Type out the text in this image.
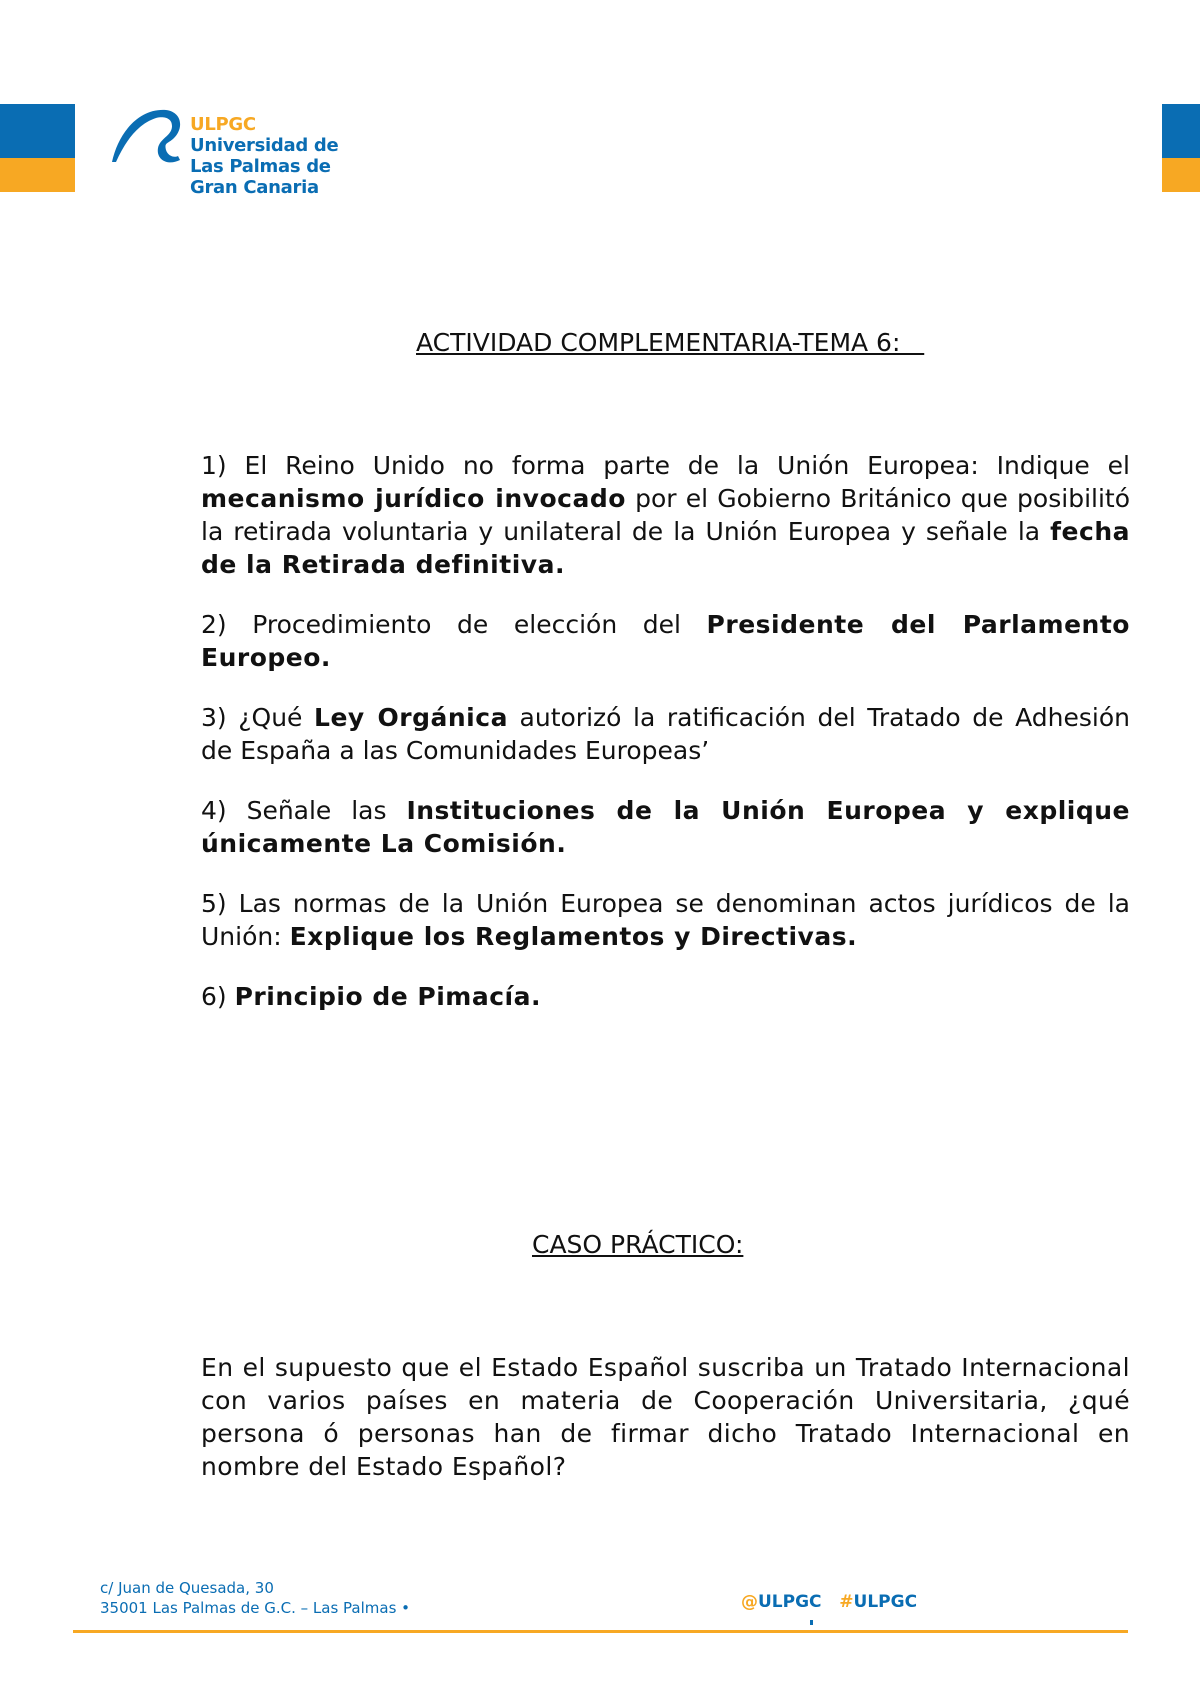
ULPGC
Universidad de
Las Palmas de
Gran Canaria
ACTIVIDAD COMPLEMENTARIA-TEMA 6:

1) El Reino Unido no forma parte de la Unión Europea: Indique el mecanismo jurídico invocado por el Gobierno Británico que posibilitó la retirada voluntaria y unilateral de la Unión Europea y señale la fecha de la Retirada definitiva.

2) Procedimiento de elección del Presidente del Parlamento Europeo.

3) ¿Qué Ley Orgánica autorizó la ratificación del Tratado de Adhesión de España a las Comunidades Europeas’

4) Señale las Instituciones de la Unión Europea y explique únicamente La Comisión.

5) Las normas de la Unión Europea se denominan actos jurídicos de la Unión: Explique los Reglamentos y Directivas.

6) Principio de Pimacía.

CASO PRÁCTICO:
En el supuesto que el Estado Español suscriba un Tratado Internacional con varios países en materia de Cooperación Universitaria, ¿qué persona ó personas han de firmar dicho Tratado Internacional en nombre del Estado Español?
c/ Juan de Quesada, 30
35001 Las Palmas de G.C. – Las Palmas •	@ULPGC #ULPGC
